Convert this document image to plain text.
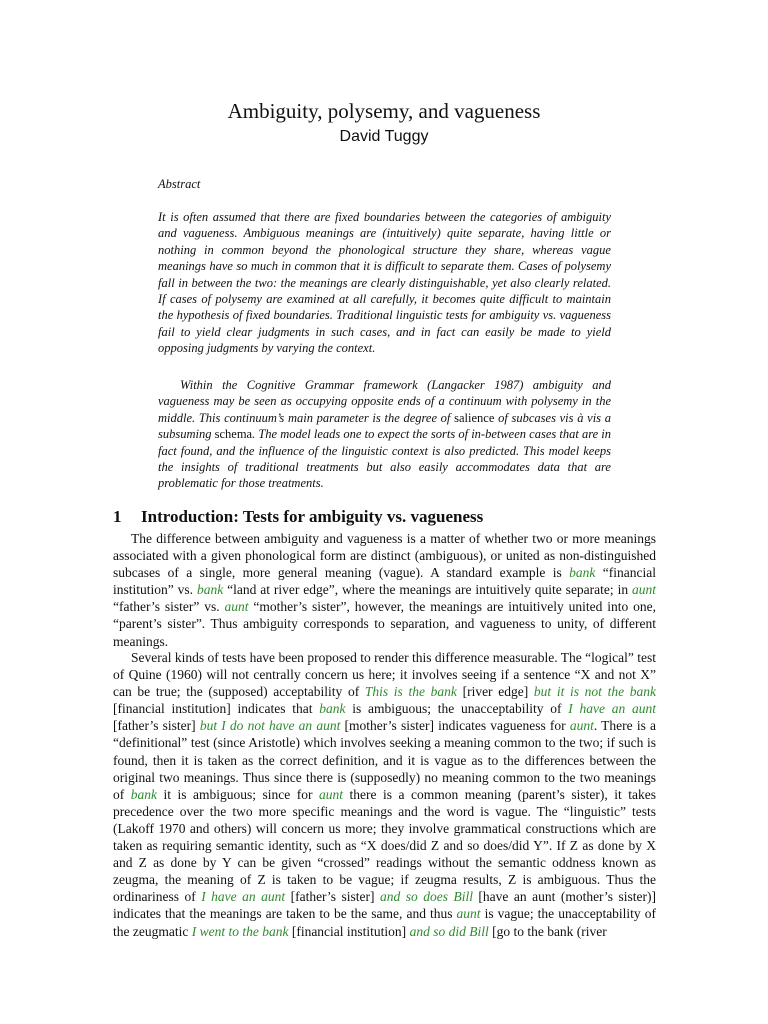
Ambiguity, polysemy, and vagueness
David Tuggy
Abstract

It is often assumed that there are fixed boundaries between the categories of ambiguity and vagueness. Ambiguous meanings are (intuitively) quite separate, having little or nothing in common beyond the phonological structure they share, whereas vague meanings have so much in common that it is difficult to separate them. Cases of polysemy fall in between the two: the meanings are clearly distinguishable, yet also clearly related. If cases of polysemy are examined at all carefully, it becomes quite difficult to maintain the hypothesis of fixed boundaries. Traditional linguistic tests for ambiguity vs. vagueness fail to yield clear judgments in such cases, and in fact can easily be made to yield opposing judgments by varying the context.

Within the Cognitive Grammar framework (Langacker 1987) ambiguity and vagueness may be seen as occupying opposite ends of a continuum with polysemy in the middle. This continuum’s main parameter is the degree of salience of subcases vis à vis a subsuming schema. The model leads one to expect the sorts of in-between cases that are in fact found, and the influence of the linguistic context is also predicted. This model keeps the insights of traditional treatments but also easily accommodates data that are problematic for those treatments.

1 Introduction: Tests for ambiguity vs. vagueness

The difference between ambiguity and vagueness is a matter of whether two or more meanings associated with a given phonological form are distinct (ambiguous), or united as non-distinguished subcases of a single, more general meaning (vague). A standard example is bank “financial institution” vs. bank “land at river edge”, where the meanings are intuitively quite separate; in aunt “father’s sister” vs. aunt “mother’s sister”, however, the meanings are intuitively united into one, “parent’s sister”. Thus ambiguity corresponds to separation, and vagueness to unity, of different meanings.

Several kinds of tests have been proposed to render this difference measurable. The “logical” test of Quine (1960) will not centrally concern us here; it involves seeing if a sentence “X and not X” can be true; the (supposed) acceptability of This is the bank [river edge] but it is not the bank [financial institution] indicates that bank is ambiguous; the unacceptability of I have an aunt [father’s sister] but I do not have an aunt [mother’s sister] indicates vagueness for aunt. There is a “definitional” test (since Aristotle) which involves seeking a meaning common to the two; if such is found, then it is taken as the correct definition, and it is vague as to the differences between the original two meanings. Thus since there is (supposedly) no meaning common to the two meanings of bank it is ambiguous; since for aunt there is a common meaning (parent’s sister), it takes precedence over the two more specific meanings and the word is vague. The “linguistic” tests (Lakoff 1970 and others) will concern us more; they involve grammatical constructions which are taken as requiring semantic identity, such as “X does/did Z and so does/did Y”. If Z as done by X and Z as done by Y can be given “crossed” readings without the semantic oddness known as zeugma, the meaning of Z is taken to be vague; if zeugma results, Z is ambiguous. Thus the ordinariness of I have an aunt [father’s sister] and so does Bill [have an aunt (mother’s sister)] indicates that the meanings are taken to be the same, and thus aunt is vague; the unacceptability of the zeugmatic I went to the bank [financial institution] and so did Bill [go to the bank (river
